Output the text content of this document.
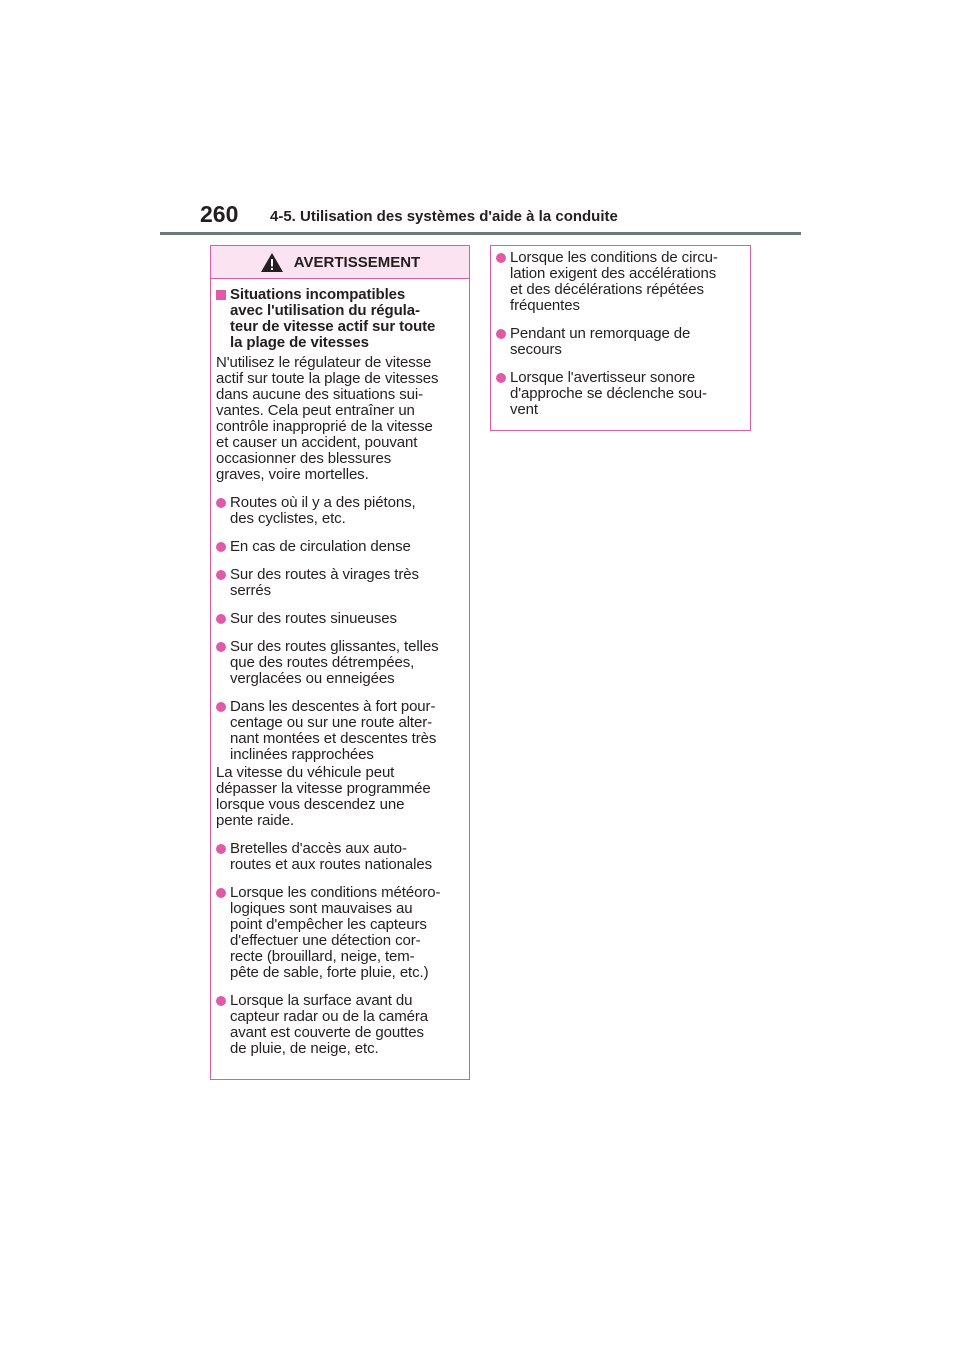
260 4-5. Utilisation des systèmes d'aide à la conduite
AVERTISSEMENT
Situations incompatibles
avec l'utilisation du régula-
teur de vitesse actif sur toute
la plage de vitesses
N'utilisez le régulateur de vitesse
actif sur toute la plage de vitesses
dans aucune des situations sui-
vantes. Cela peut entraîner un
contrôle inapproprié de la vitesse
et causer un accident, pouvant
occasionner des blessures
graves, voire mortelles.
Routes où il y a des piétons,
des cyclistes, etc.
En cas de circulation dense
Sur des routes à virages très
serrés
Sur des routes sinueuses
Sur des routes glissantes, telles
que des routes détrempées,
verglacées ou enneigées
Dans les descentes à fort pour-
centage ou sur une route alter-
nant montées et descentes très
inclinées rapprochées
La vitesse du véhicule peut
dépasser la vitesse programmée
lorsque vous descendez une
pente raide.
Bretelles d'accès aux auto-
routes et aux routes nationales
Lorsque les conditions météoro-
logiques sont mauvaises au
point d'empêcher les capteurs
d'effectuer une détection cor-
recte (brouillard, neige, tem-
pête de sable, forte pluie, etc.)
Lorsque la surface avant du
capteur radar ou de la caméra
avant est couverte de gouttes
de pluie, de neige, etc.
Lorsque les conditions de circu-
lation exigent des accélérations
et des décélérations répétées
fréquentes
Pendant un remorquage de
secours
Lorsque l'avertisseur sonore
d'approche se déclenche sou-
vent
